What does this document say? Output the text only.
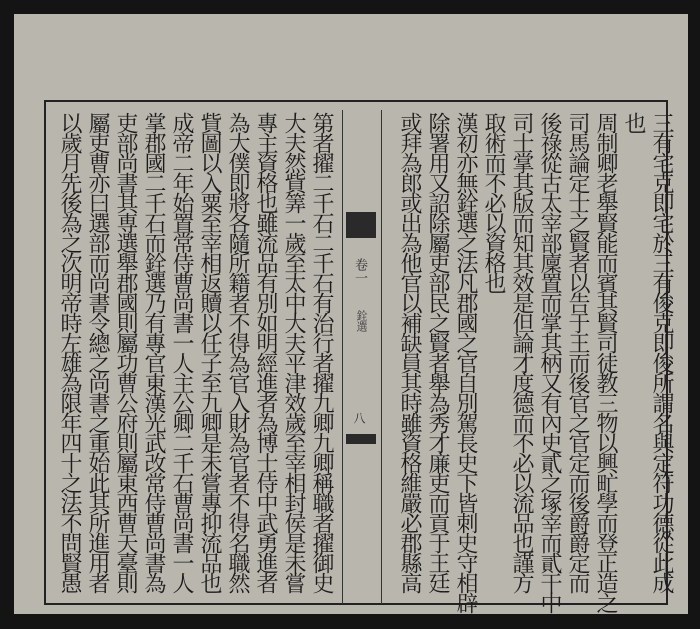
卷一
銓選
八	三有宅克即宅於三有俊克即俊所謂名與定符功德從此成
也
周制卿老舉賢能而賓其賢司徒教三物以興甿學而登正造之
司馬論定士之賢者以告于王而後官之官定而後爵爵定而
後祿從古太宰部廩置而掌其柄又有內史貳之塚宰而貳干中
司士掌其版而知其效是但論才度德而不必以流品也謹方
取術而不必以資格也
漢初亦無銓選之法凡郡國之官自別駕長史下皆刺史守相辟
除署用又詔除屬吏部民之賢者舉為秀才廉吏而貢于王廷
或拜為郎或出為他官以補缺員其時雖資格維嚴必郡縣高
第者擢二千石二千石有治行者擢九卿九卿稱職者擢御史
大夫然貲筭一歲至太中大夫平津效歲至宰相封侯是未嘗
專主資格也雖流品有別如明經進者為博士侍中武勇進者
為大僕即將各隨所籍者不得為官入財為官者不得名職然
貲圖以入粟至宰相返贖以任子至九卿是未嘗專抑流品也
成帝二年始置常侍曹尚書一人主公卿二千石曹尚書一人
掌郡國二千石而銓選乃有專官東漢光武改常侍曹尚書為
吏部尚書其専選舉郡國則屬功曹公府則屬東西曹天臺則
屬吏曹亦曰選部而尚書令總之尚書之重始此其所進用者
以歲月先後為之次明帝時左雄為限年四十之法不問賢愚
